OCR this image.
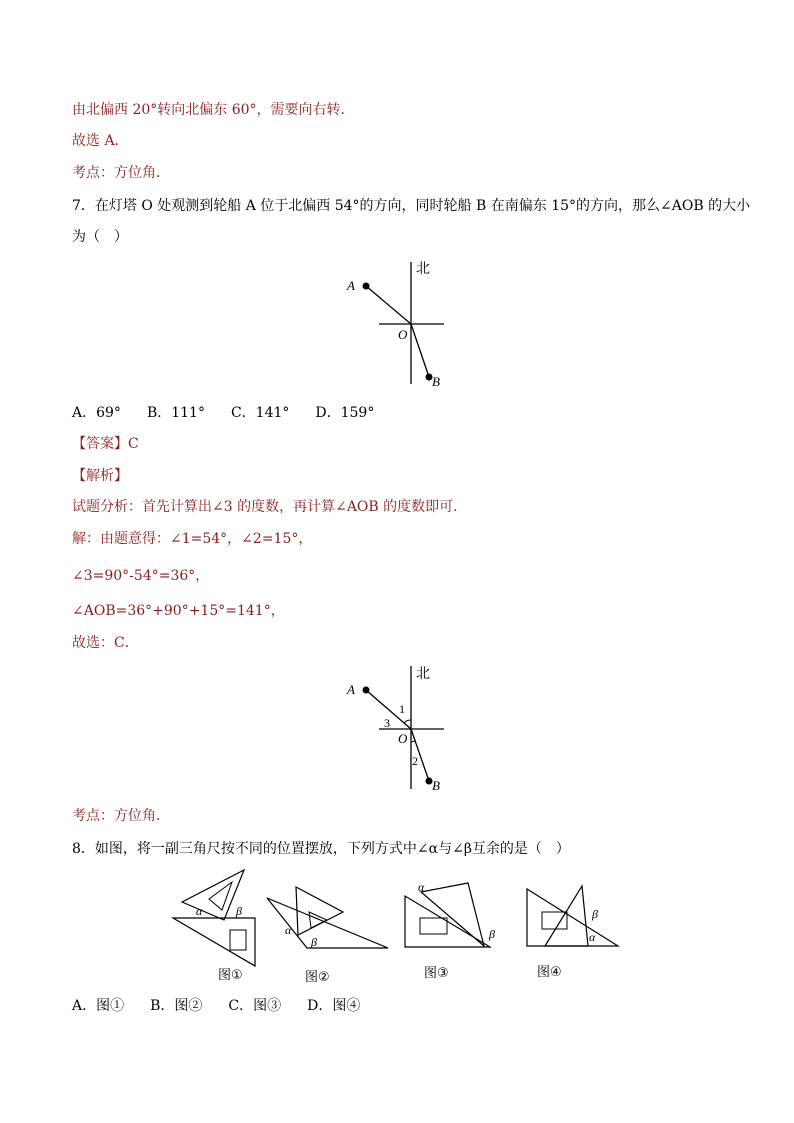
由北偏西 20°转向北偏东 60°，需要向右转．
故选 A．
考点：方位角．
7．在灯塔 O 处观测到轮船 A 位于北偏西 54°的方向，同时轮船 B 在南偏东 15°的方向，那么∠AOB 的大小
为（　）
北
A
O
B
A．69° B．111° C．141° D．159°
【答案】C
【解析】
试题分析：首先计算出∠3 的度数，再计算∠AOB 的度数即可．
解：由题意得：∠1=54°，∠2=15°，
∠3=90°-54°=36°，
∠AOB=36°+90°+15°=141°，
故选：C．
北
A
1
3
O
2
B
考点：方位角．
8．如图，将一副三角尺按不同的位置摆放，下列方式中∠α与∠β互余的是（　）
α	β
图①
α
β
图②
α
β
图③
β
α
图④
A．图① B．图② C．图③ D．图④
